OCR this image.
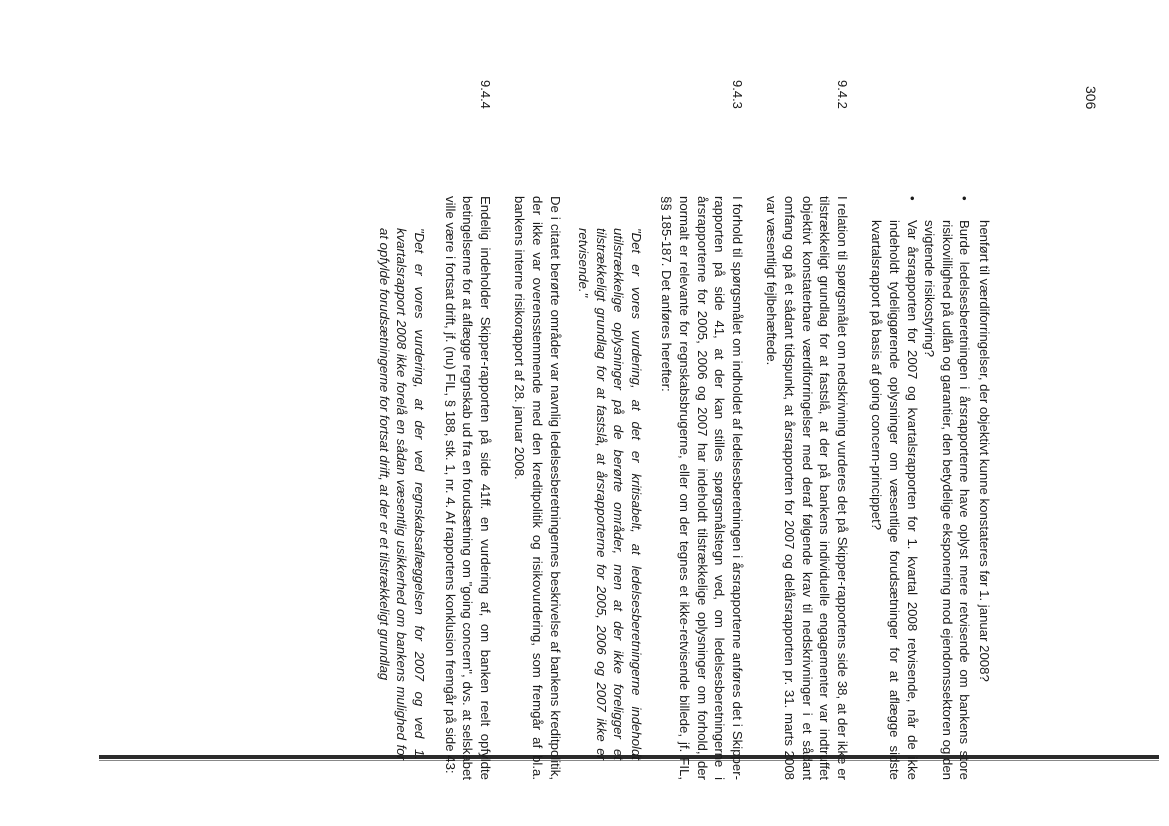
306

henført til værdiforringelser, der objektivt kunne konstateres før 1. januar 2008?

•

Burde ledelsesberetningen i årsrapporterne have oplyst mere retvisende om bankens store risikovillighed på udlån og garantier, den betydelige eksponering mod ejendomssektoren og den svigtende risikostyring?

•

Var årsrapporten for 2007 og kvartalsrapporten for 1. kvartal 2008 retvisende, når de ikke indeholdt tydeliggørende oplysninger om væsentlige forudsætninger for at aflægge sidste kvartalsrapport på basis af going concern-princippet?

9.4.2

I relation til spørgsmålet om nedskrivning vurderes det på Skipper-rapportens side 38, at der ikke er tilstrækkeligt grundlag for at fastslå, at der på bankens individuelle engagementer var indtruffet objektivt konstaterbare værdiforringelser med deraf følgende krav til nedskrivninger i et sådant omfang og på et sådant tidspunkt, at årsrapporten for 2007 og delårsrapporten pr. 31. marts 2008 var væsentligt fejlbehæftede.

9.4.3

I forhold til spørgsmålet om indholdet af ledelsesberetningen i årsrapporterne anføres det i Skipper-rapporten på side 41, at der kan stilles spørgsmålstegn ved, om ledelsesberetningerne i årsrapporterne for 2005, 2006 og 2007 har indeholdt tilstrækkelige oplysninger om forhold, der normalt er relevante for regnskabsbrugerne, eller om der tegnes et ikke-retvisende billede, jf. FIL, §§ 185-187. Det anføres herefter:

"Det er vores vurdering, at det er kritisabelt, at ledelsesberetningerne indeholdt utilstrækkelige oplysninger på de berørte områder, men at der ikke foreligger et tilstrækkeligt grundlag for at fastslå, at årsrapporterne for 2005, 2006 og 2007 ikke er retvisende."

De i citatet berørte områder var navnlig ledelsesberetningernes beskrivelse af bankens kreditpolitik, der ikke var overensstemmende med den kreditpolitik og risikovurdering, som fremgår af bl.a. bankens interne risikorapport af 28. januar 2008.

9.4.4

Endelig indeholder Skipper-rapporten på side 41ff. en vurdering af, om banken reelt opfyldte betingelserne for at aflægge regnskab ud fra en forudsætning om "going concern", dvs. at selskabet ville være i fortsat drift, jf. (nu) FIL, § 188, stk. 1, nr. 4. Af rapportens konklusion fremgår på side 43:

"Det er vores vurdering, at der ved regnskabsaflæggelsen for 2007 og ved 1. kvartalsrapport 2008 ikke forelå en sådan væsentlig usikkerhed om bankens mulighed for at opfylde forudsætningerne for fortsat drift, at der er et tilstrækkeligt grundlag
